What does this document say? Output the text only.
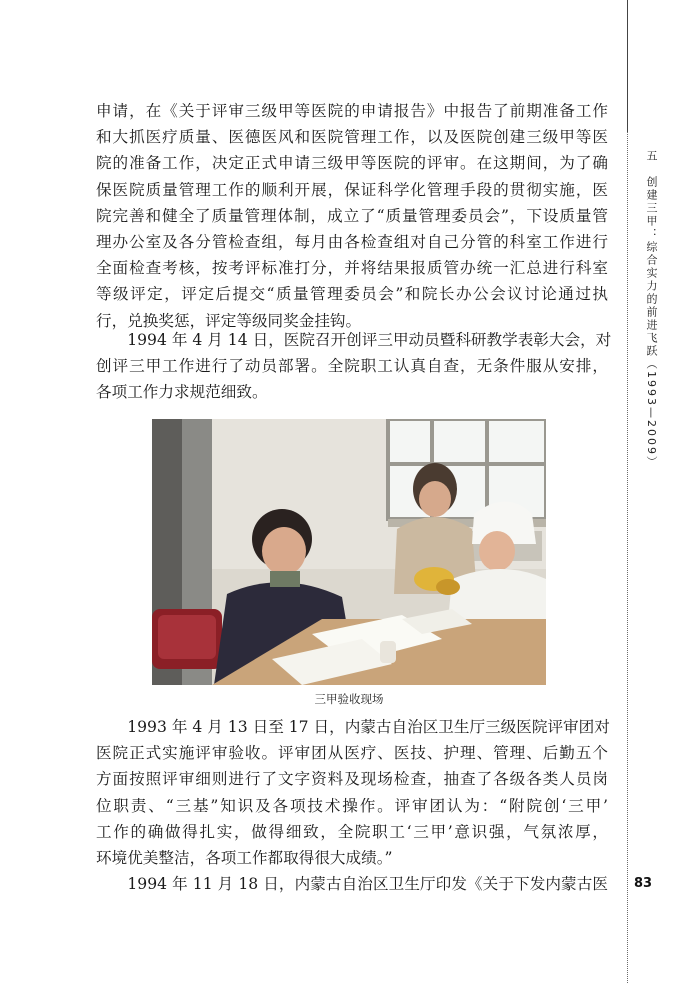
五　创建三甲：综合实力的前进飞跃（1993—2009）
83
申请，在《关于评审三级甲等医院的申请报告》中报告了前期准备工作
和大抓医疗质量、医德医风和医院管理工作，以及医院创建三级甲等医
院的准备工作，决定正式申请三级甲等医院的评审。在这期间，为了确
保医院质量管理工作的顺利开展，保证科学化管理手段的贯彻实施，医
院完善和健全了质量管理体制，成立了“质量管理委员会”，下设质量管
理办公室及各分管检查组，每月由各检查组对自己分管的科室工作进行
全面检查考核，按考评标准打分，并将结果报质管办统一汇总进行科室
等级评定，评定后提交“质量管理委员会”和院长办公会议讨论通过执
行，兑换奖惩，评定等级同奖金挂钩。
　　1994 年 4 月 14 日，医院召开创评三甲动员暨科研教学表彰大会，对
创评三甲工作进行了动员部署。全院职工认真自查，无条件服从安排，
各项工作力求规范细致。
三甲验收现场
　　1993 年 4 月 13 日至 17 日，内蒙古自治区卫生厅三级医院评审团对
医院正式实施评审验收。评审团从医疗、医技、护理、管理、后勤五个
方面按照评审细则进行了文字资料及现场检查，抽查了各级各类人员岗
位职责、“三基”知识及各项技术操作。评审团认为：“附院创‘三甲’
工作的确做得扎实，做得细致，全院职工‘三甲’意识强，气氛浓厚，
环境优美整洁，各项工作都取得很大成绩。”
　　1994 年 11 月 18 日，内蒙古自治区卫生厅印发《关于下发内蒙古医
